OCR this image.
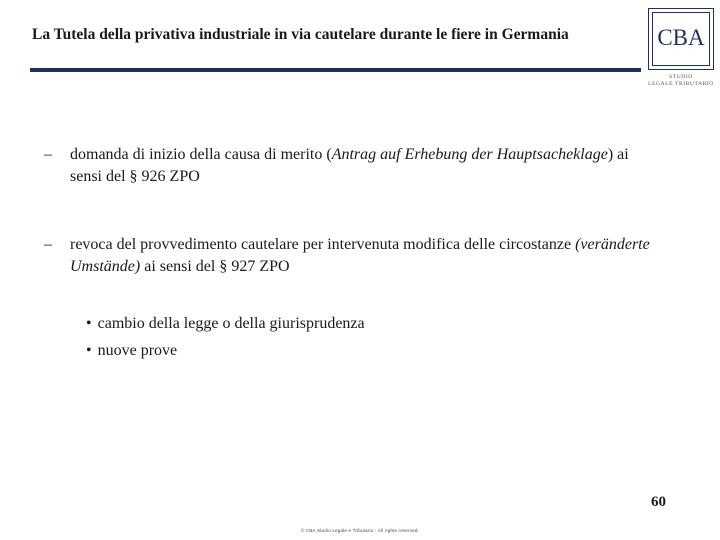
La Tutela della privativa industriale in via cautelare durante le fiere in Germania	CBA
STUDIO
LEGALE TRIBUTARIO
–	domanda di inizio della causa di merito (Antrag auf Erhebung der Hauptsacheklage) ai sensi del § 926 ZPO
–	revoca del provvedimento cautelare per intervenuta modifica delle circostanze (veränderte Umstände) ai sensi del § 927 ZPO
• cambio della legge o della giurisprudenza
• nuove prove
60
© CBA Studio Legale e Tributario - All rights reserved.
